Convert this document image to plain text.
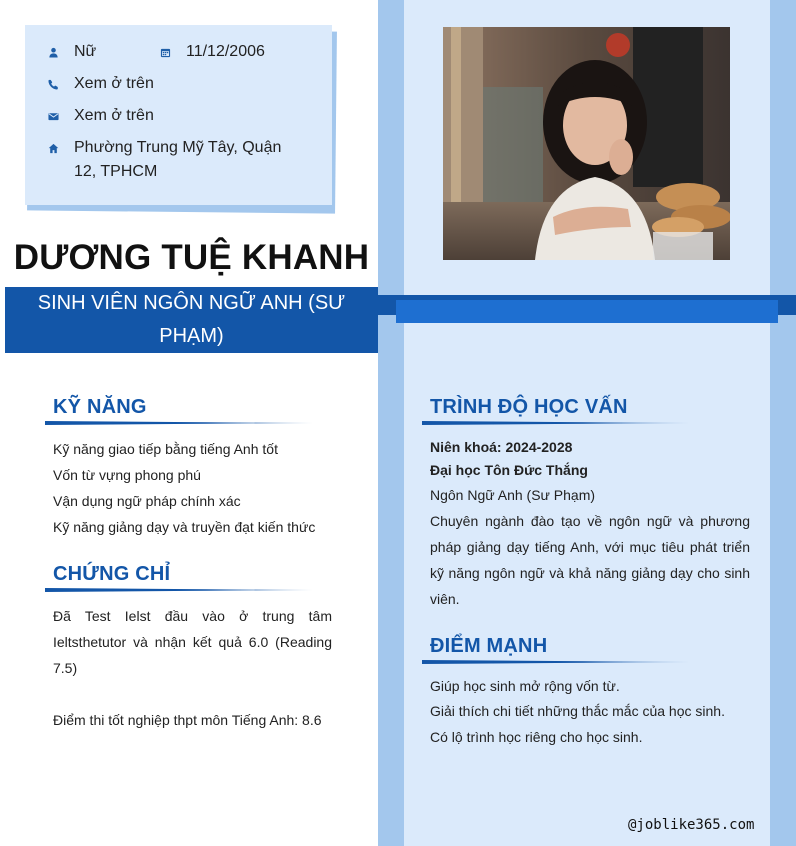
Nữ	11/12/2006
Xem ở trên
Xem ở trên
Phường Trung Mỹ Tây, Quận 12, TPHCM
DƯƠNG TUỆ KHANH
SINH VIÊN NGÔN NGỮ ANH (SƯ PHẠM)
KỸ NĂNG
Kỹ năng giao tiếp bằng tiếng Anh tốt
Vốn từ vựng phong phú
Vận dụng ngữ pháp chính xác
Kỹ năng giảng dạy và truyền đạt kiến thức
CHỨNG CHỈ
Đã Test Ielst đầu vào ở trung tâm Ieltsthetutor và nhận kết quả 6.0 (Reading 7.5)
Điểm thi tốt nghiệp thpt môn Tiếng Anh: 8.6
TRÌNH ĐỘ HỌC VẤN
Niên khoá: 2024-2028
Đại học Tôn Đức Thắng
Ngôn Ngữ Anh (Sư Phạm)
Chuyên ngành đào tạo về ngôn ngữ và phương pháp giảng dạy tiếng Anh, với mục tiêu phát triển kỹ năng ngôn ngữ và khả năng giảng dạy cho sinh viên.
ĐIỂM MẠNH
Giúp học sinh mở rộng vốn từ.
Giải thích chi tiết những thắc mắc của học sinh.
Có lộ trình học riêng cho học sinh.
@joblike365.com
